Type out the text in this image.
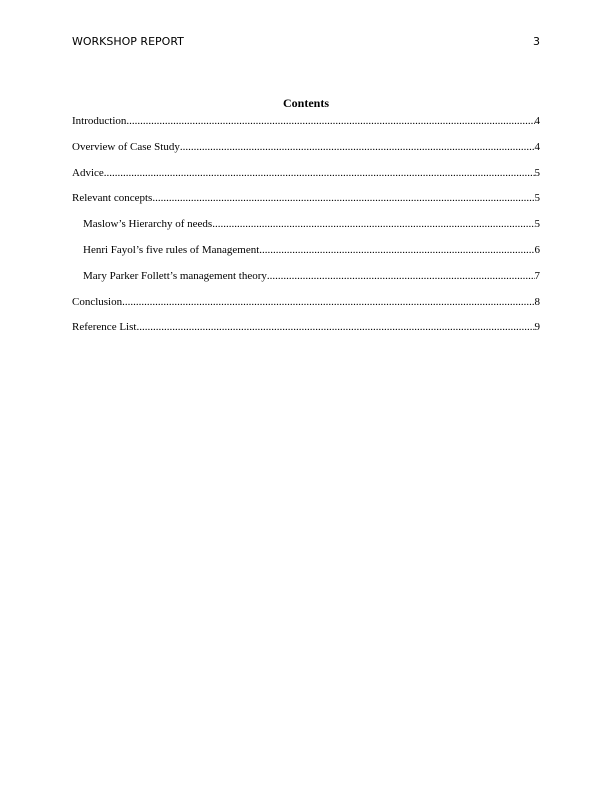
WORKSHOP REPORT	3
Contents
Introduction .....	4
Overview of Case Study .....	4
Advice .....	5
Relevant concepts .....	5
Maslow’s Hierarchy of needs .....	5
Henri Fayol’s five rules of Management .....	6
Mary Parker Follett’s management theory .....	7
Conclusion .....	8
Reference List .....	9
